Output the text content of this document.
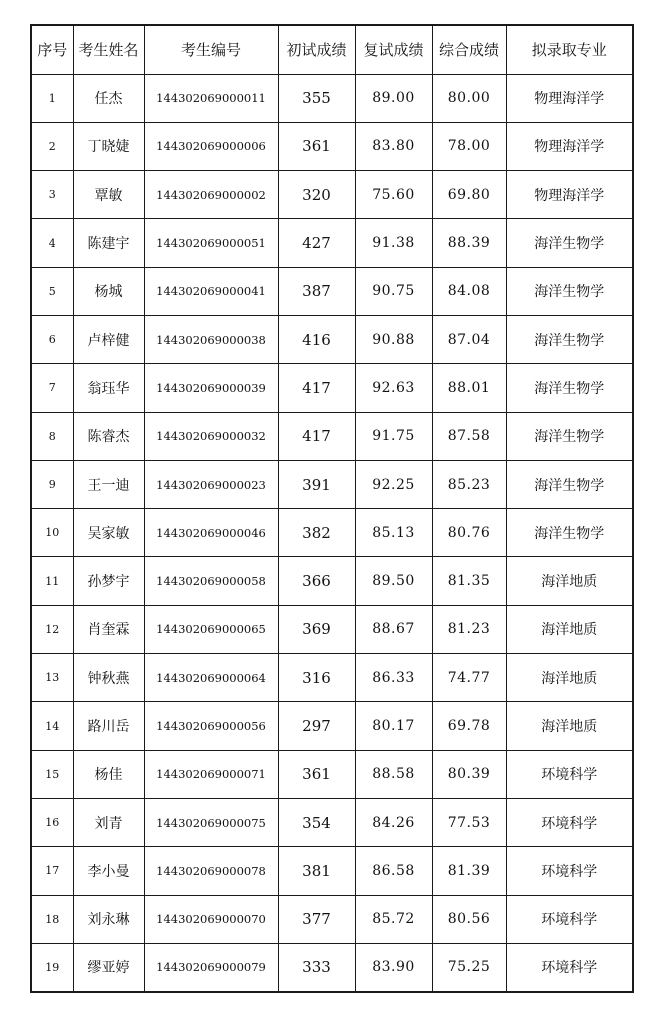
序号	考生姓名	考生编号	初试成绩	复试成绩	综合成绩	拟录取专业
1	任杰	144302069000011	355	89.00	80.00	物理海洋学
2	丁晓婕	144302069000006	361	83.80	78.00	物理海洋学
3	覃敏	144302069000002	320	75.60	69.80	物理海洋学
4	陈建宇	144302069000051	427	91.38	88.39	海洋生物学
5	杨城	144302069000041	387	90.75	84.08	海洋生物学
6	卢梓健	144302069000038	416	90.88	87.04	海洋生物学
7	翁珏华	144302069000039	417	92.63	88.01	海洋生物学
8	陈睿杰	144302069000032	417	91.75	87.58	海洋生物学
9	王一迪	144302069000023	391	92.25	85.23	海洋生物学
10	吴家敏	144302069000046	382	85.13	80.76	海洋生物学
11	孙梦宇	144302069000058	366	89.50	81.35	海洋地质
12	肖奎霖	144302069000065	369	88.67	81.23	海洋地质
13	钟秋燕	144302069000064	316	86.33	74.77	海洋地质
14	路川岳	144302069000056	297	80.17	69.78	海洋地质
15	杨佳	144302069000071	361	88.58	80.39	环境科学
16	刘青	144302069000075	354	84.26	77.53	环境科学
17	李小曼	144302069000078	381	86.58	81.39	环境科学
18	刘永琳	144302069000070	377	85.72	80.56	环境科学
19	缪亚婷	144302069000079	333	83.90	75.25	环境科学
